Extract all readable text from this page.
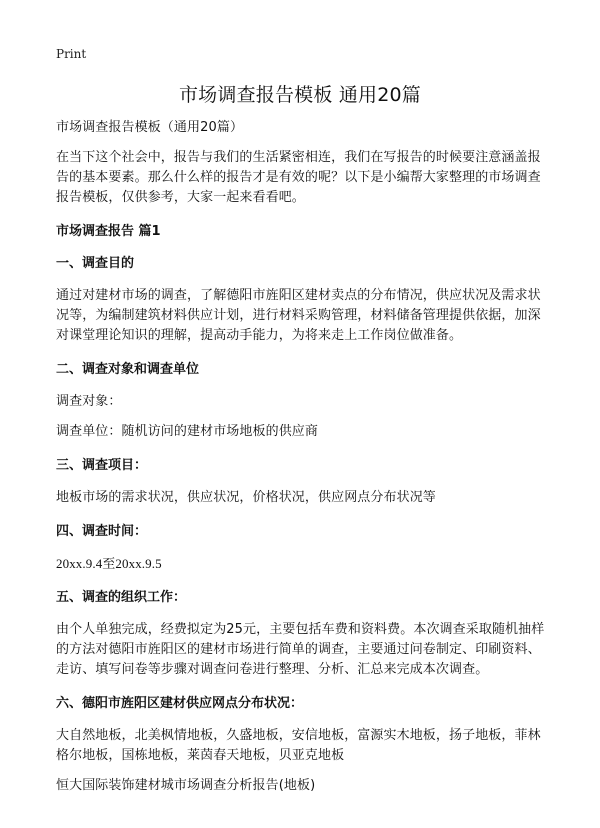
Print
市场调查报告模板 通用20篇

市场调查报告模板（通用20篇）

在当下这个社会中，报告与我们的生活紧密相连，我们在写报告的时候要注意涵盖报告的基本要素。那么什么样的报告才是有效的呢？以下是小编帮大家整理的市场调查报告模板，仅供参考，大家一起来看看吧。

市场调查报告 篇1

一、调查目的

通过对建材市场的调查，了解德阳市旌阳区建材卖点的分布情况，供应状况及需求状况等，为编制建筑材料供应计划，进行材料采购管理，材料储备管理提供依据，加深对课堂理论知识的理解，提高动手能力，为将来走上工作岗位做准备。

二、调查对象和调查单位

调查对象：

调查单位：随机访问的建材市场地板的供应商

三、调查项目：

地板市场的需求状况，供应状况，价格状况，供应网点分布状况等

四、调查时间：

20xx.9.4至20xx.9.5

五、调查的组织工作：

由个人单独完成，经费拟定为25元，主要包括车费和资料费。本次调查采取随机抽样的方法对德阳市旌阳区的建材市场进行简单的调查，主要通过问卷制定、印刷资料、走访、填写问卷等步骤对调查问卷进行整理、分析、汇总来完成本次调查。

六、德阳市旌阳区建材供应网点分布状况：

大自然地板，北美枫情地板，久盛地板，安信地板，富源实木地板，扬子地板，菲林格尔地板，国栋地板，莱茵春天地板，贝亚克地板

恒大国际装饰建材城市场调查分析报告(地板)
